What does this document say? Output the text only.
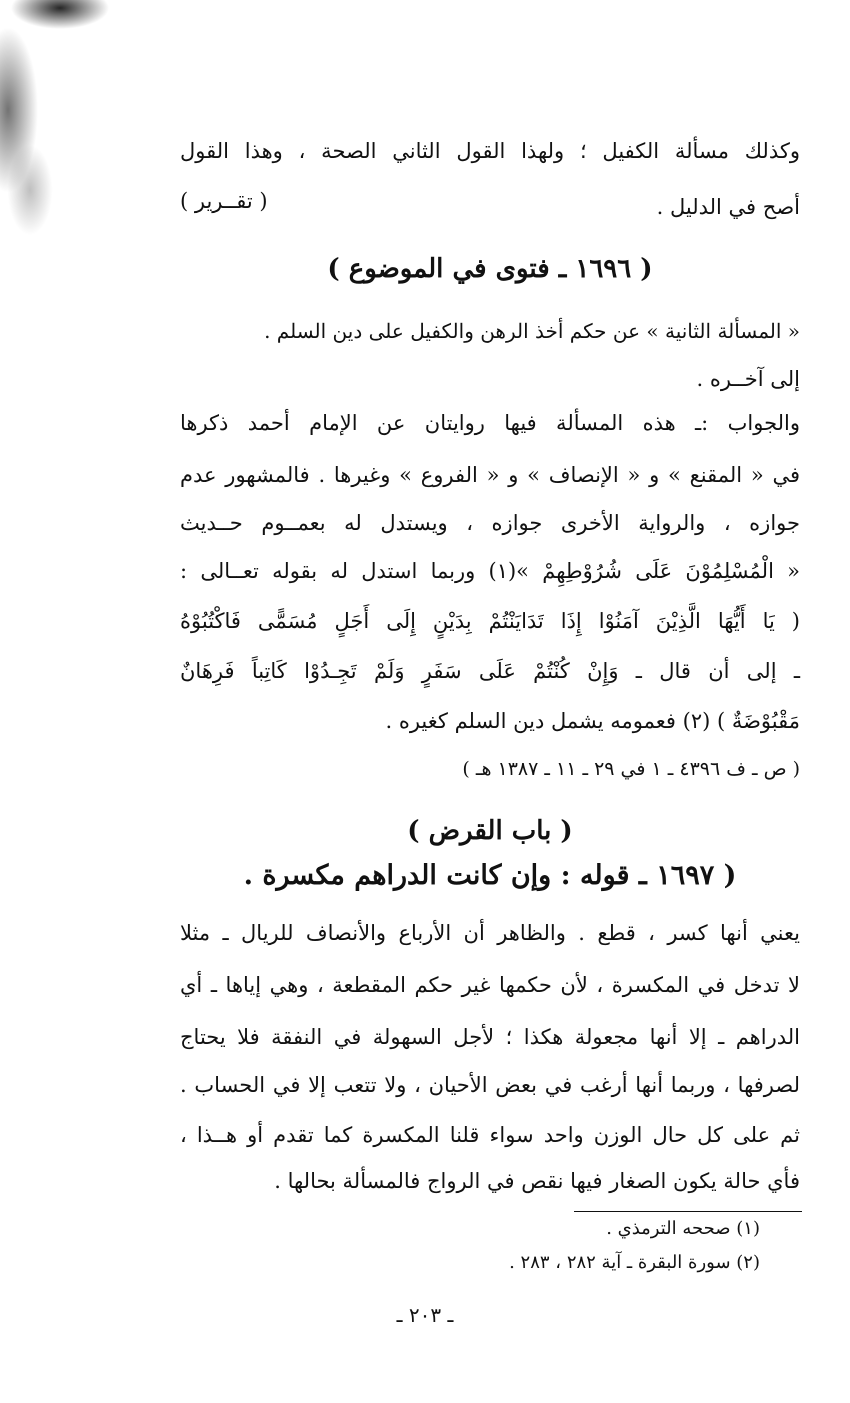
وكذلك مسألة الكفيل ؛ ولهذا القول الثاني الصحة ، وهذا القول
أصح في الدليل .
( تقــرير )
( ١٦٩٦ ـ فتوى في الموضوع )
« المسألة الثانية » عن حكم أخذ الرهن والكفيل على دين السلم .
إلى آخــره .
والجواب :ـ هذه المسألة فيها روايتان عن الإمام أحمد ذكرها
في « المقنع » و « الإنصاف » و « الفروع » وغيرها . فالمشهور عدم
جوازه ، والرواية الأخرى جوازه ، ويستدل له بعمــوم حــديث
« الْمُسْلِمُوْنَ عَلَى شُرُوْطِهِمْ »(١) وربما استدل له بقوله تعــالى :
( يَا أَيُّهَا الَّذِيْنَ آمَنُوْا إِذَا تَدَايَنْتُمْ بِدَيْنٍ إِلَى أَجَلٍ مُسَمًّى فَاكْتُبُوْهُ
ـ إلى أن قال ـ وَإِنْ كُنْتُمْ عَلَى سَفَرٍ وَلَمْ تَجِـدُوْا كَاتِباً فَرِهَانٌ
مَقْبُوْضَةٌ ) (٢) فعمومه يشمل دين السلم كغيره .
( ص ـ ف ٤٣٩٦ ـ ١ في ٢٩ ـ ١١ ـ ١٣٨٧ هـ )
( باب القرض )
( ١٦٩٧ ـ قوله : وإن كانت الدراهم مكسرة .
يعني أنها كسر ، قطع . والظاهر أن الأرباع والأنصاف للريال ـ مثلا
لا تدخل في المكسرة ، لأن حكمها غير حكم المقطعة ، وهي إياها ـ أي
الدراهم ـ إلا أنها مجعولة هكذا ؛ لأجل السهولة في النفقة فلا يحتاج
لصرفها ، وربما أنها أرغب في بعض الأحيان ، ولا تتعب إلا في الحساب .
ثم على كل حال الوزن واحد سواء قلنا المكسرة كما تقدم أو هــذا ،
فأي حالة يكون الصغار فيها نقص في الرواج فالمسألة بحالها .
(١) صححه الترمذي .
(٢) سورة البقرة ـ آية ٢٨٢ ، ٢٨٣ .
ـ ٢٠٣ ـ
